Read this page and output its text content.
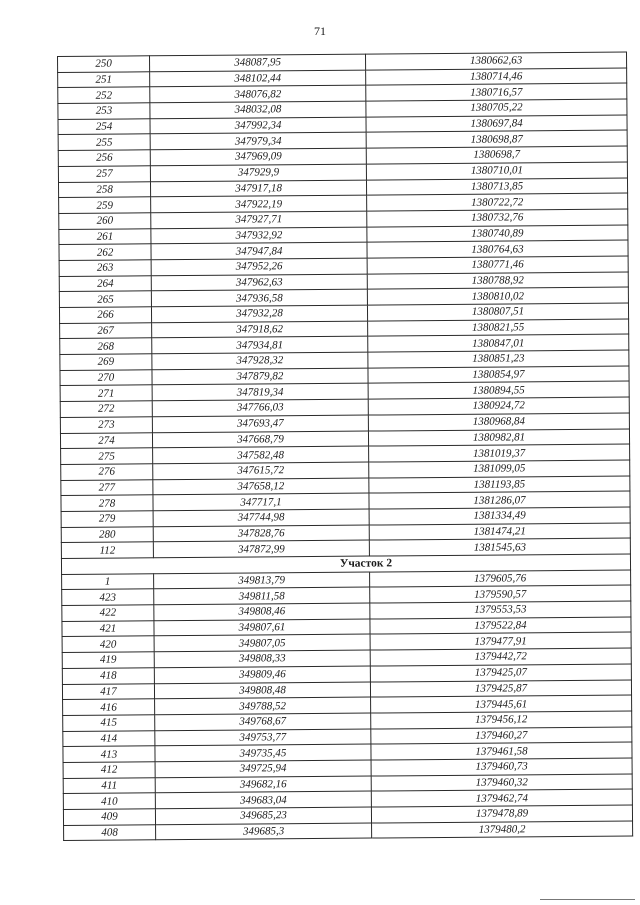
71
250	348087,95	1380662,63
251	348102,44	1380714,46
252	348076,82	1380716,57
253	348032,08	1380705,22
254	347992,34	1380697,84
255	347979,34	1380698,87
256	347969,09	1380698,7
257	347929,9	1380710,01
258	347917,18	1380713,85
259	347922,19	1380722,72
260	347927,71	1380732,76
261	347932,92	1380740,89
262	347947,84	1380764,63
263	347952,26	1380771,46
264	347962,63	1380788,92
265	347936,58	1380810,02
266	347932,28	1380807,51
267	347918,62	1380821,55
268	347934,81	1380847,01
269	347928,32	1380851,23
270	347879,82	1380854,97
271	347819,34	1380894,55
272	347766,03	1380924,72
273	347693,47	1380968,84
274	347668,79	1380982,81
275	347582,48	1381019,37
276	347615,72	1381099,05
277	347658,12	1381193,85
278	347717,1	1381286,07
279	347744,98	1381334,49
280	347828,76	1381474,21
112	347872,99	1381545,63
Участок 2		
1	349813,79	1379605,76
423	349811,58	1379590,57
422	349808,46	1379553,53
421	349807,61	1379522,84
420	349807,05	1379477,91
419	349808,33	1379442,72
418	349809,46	1379425,07
417	349808,48	1379425,87
416	349788,52	1379445,61
415	349768,67	1379456,12
414	349753,77	1379460,27
413	349735,45	1379461,58
412	349725,94	1379460,73
411	349682,16	1379460,32
410	349683,04	1379462,74
409	349685,23	1379478,89
408	349685,3	1379480,2
